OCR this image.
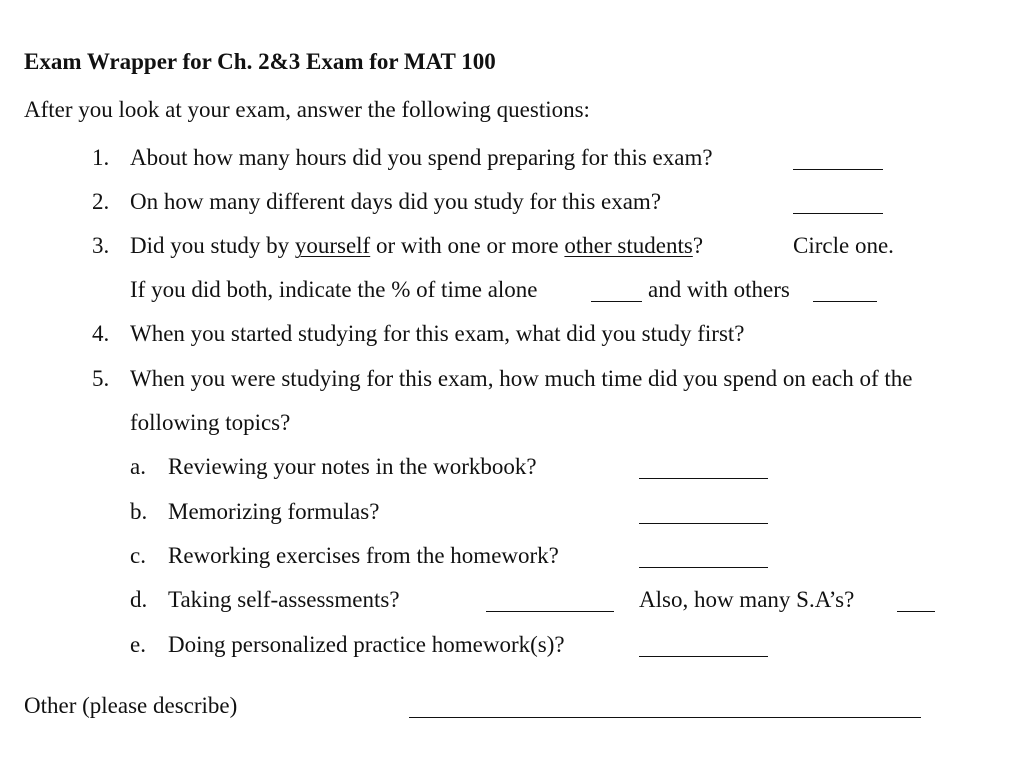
Exam Wrapper for Ch. 2&3 Exam for MAT 100
After you look at your exam, answer the following questions:
1. About how many hours did you spend preparing for this exam?
2. On how many different days did you study for this exam?
3. Did you study by yourself or with one or more other students?	Circle one.
If you did both, indicate the % of time alone	and with others
4. When you started studying for this exam, what did you study first?
5. When you were studying for this exam, how much time did you spend on each of the
following topics?
a. Reviewing your notes in the workbook?
b. Memorizing formulas?
c. Reworking exercises from the homework?
d. Taking self-assessments?	Also, how many S.A’s?
e. Doing personalized practice homework(s)?
Other (please describe)
